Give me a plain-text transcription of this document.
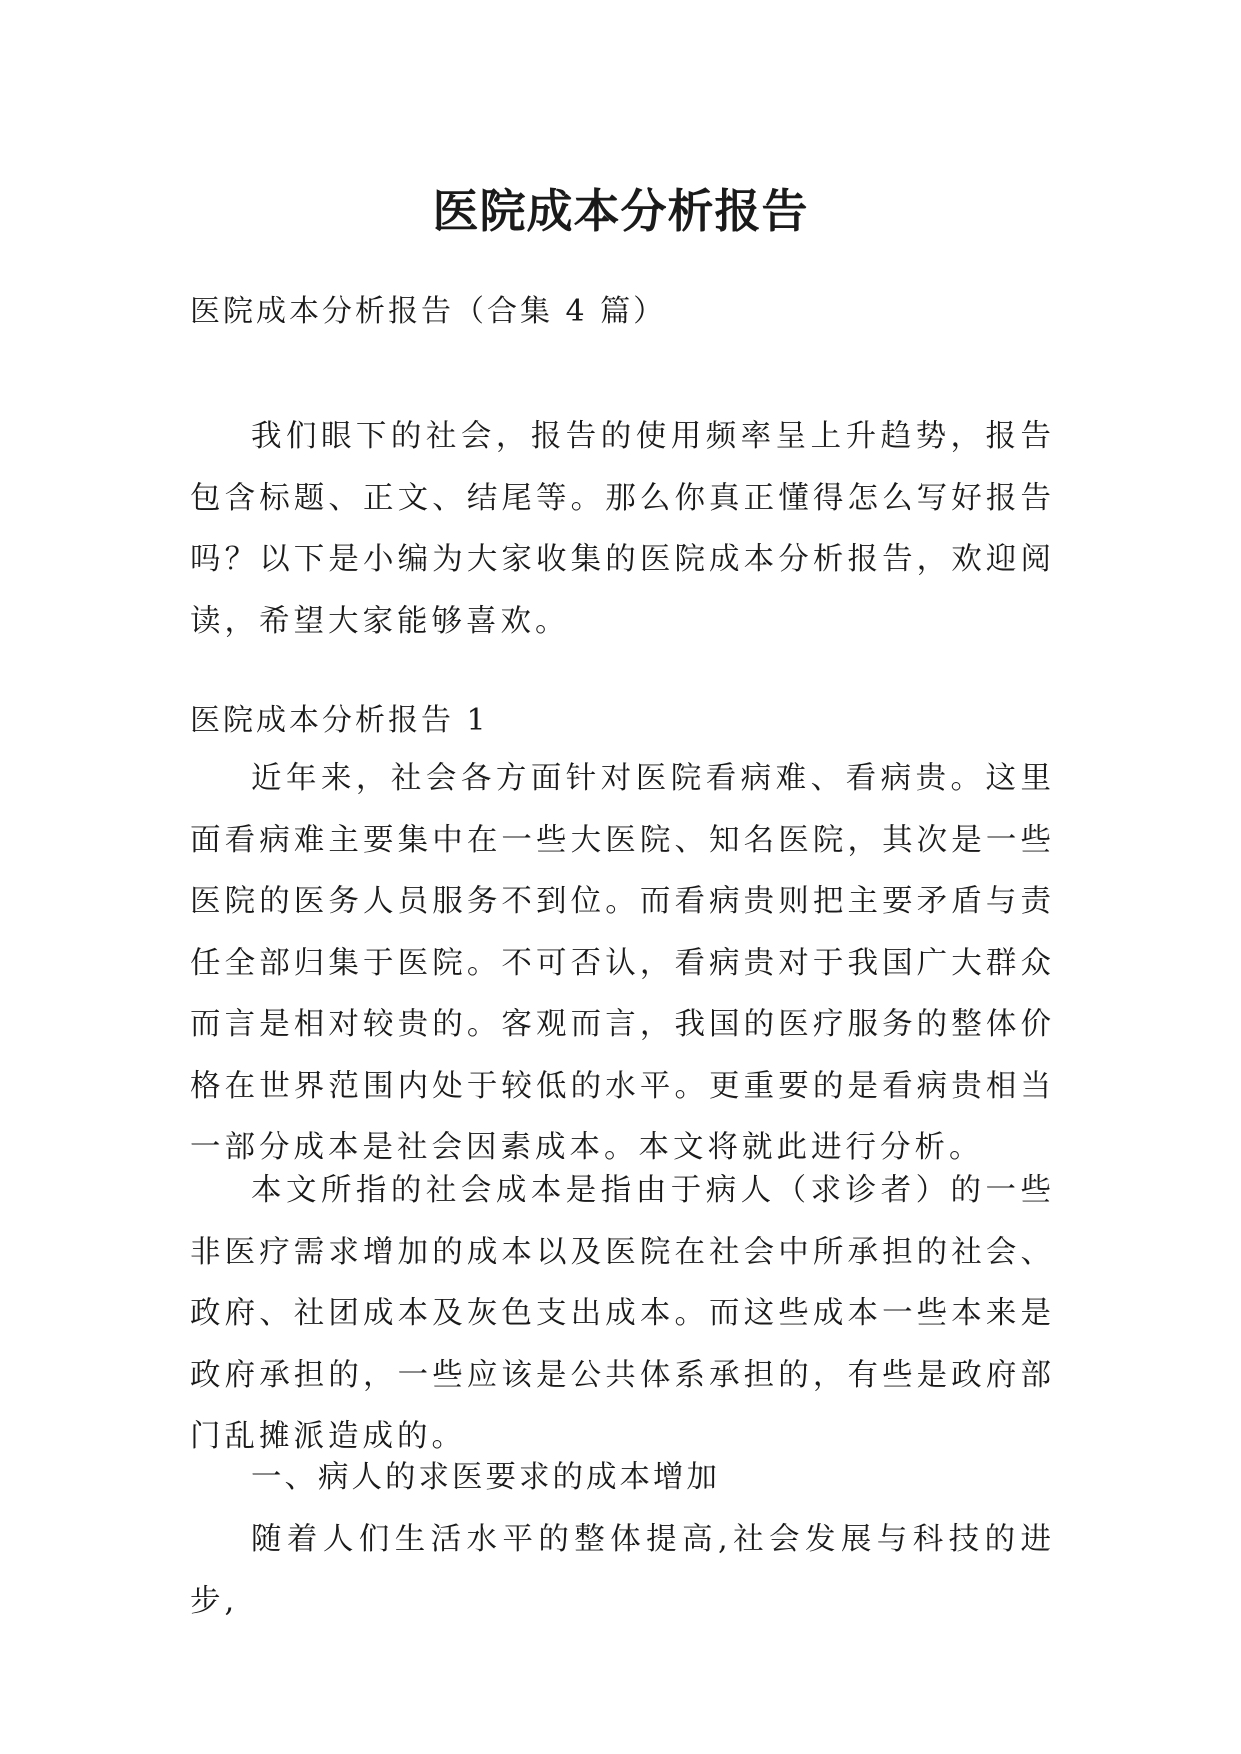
医院成本分析报告
医院成本分析报告（合集 4 篇）

我们眼下的社会，报告的使用频率呈上升趋势，报告包含标题、正文、结尾等。那么你真正懂得怎么写好报告吗？以下是小编为大家收集的医院成本分析报告，欢迎阅读，希望大家能够喜欢。

医院成本分析报告 1

近年来，社会各方面针对医院看病难、看病贵。这里面看病难主要集中在一些大医院、知名医院，其次是一些医院的医务人员服务不到位。而看病贵则把主要矛盾与责任全部归集于医院。不可否认，看病贵对于我国广大群众而言是相对较贵的。客观而言，我国的医疗服务的整体价格在世界范围内处于较低的水平。更重要的是看病贵相当一部分成本是社会因素成本。本文将就此进行分析。

本文所指的社会成本是指由于病人（求诊者）的一些非医疗需求增加的成本以及医院在社会中所承担的社会、政府、社团成本及灰色支出成本。而这些成本一些本来是政府承担的，一些应该是公共体系承担的，有些是政府部门乱摊派造成的。

一、病人的求医要求的成本增加

随着人们生活水平的整体提高,社会发展与科技的进步,
